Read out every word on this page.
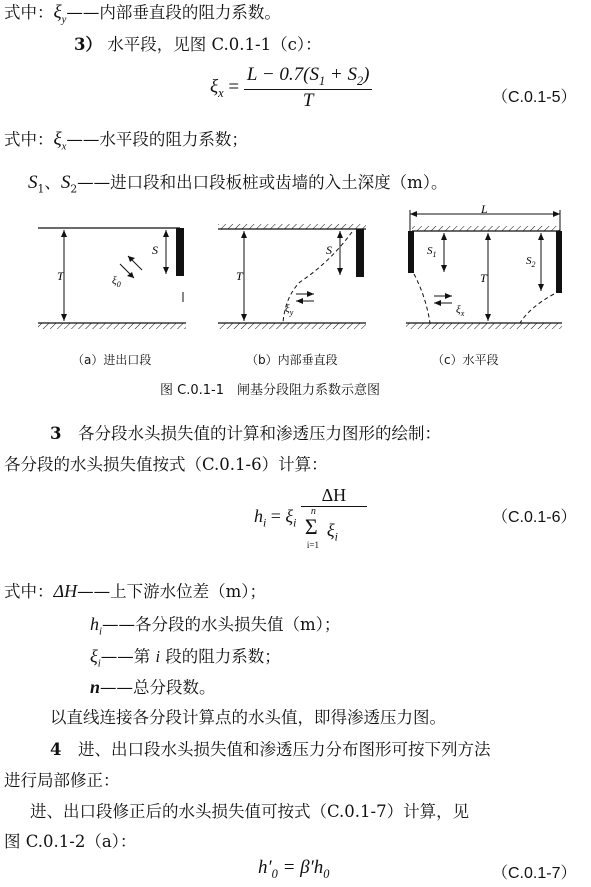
式中：$\xi_y——$内部垂直段的阻力系数。
3） 水平段，见图 C.0.1-1（c）：
$\xi_x = \frac{L - 0.7(S_1 + S_2)}{T}$	（C.0.1-5）
式中：$\xi_x——$水平段的阻力系数；
$S_1$、$S_2——$进口段和出口段板桩或齿墙的入土深度（m）。
T
S
$\xi_0$
T
S
$\xi_y$
L
$S_1$
T
$S_2$
$\xi_x$
（a）进出口段	（b）内部垂直段	（c）水平段
图 C.0.1-1　闸基分段阻力系数示意图
3　 各分段水头损失值的计算和渗透压力图形的绘制：
各分段的水头损失值按式（C.0.1-6）计算：
$h_i = \xi_i$ ΔH
n
Σ
i=1
$\xi_i$	（C.0.1-6）
式中：ΔH——上下游水位差（m）；
$h_i——$各分段的水头损失值（m）；
$\xi_i——$第 i 段的阻力系数；
n——总分段数。
以直线连接各分段计算点的水头值，即得渗透压力图。
4　 进、出口段水头损失值和渗透压力分布图形可按下列方法
进行局部修正：
进、出口段修正后的水头损失值可按式（C.0.1-7）计算，见
图 C.0.1-2（a）：
$h'_0 = \beta'h_0$	（C.0.1-7）
